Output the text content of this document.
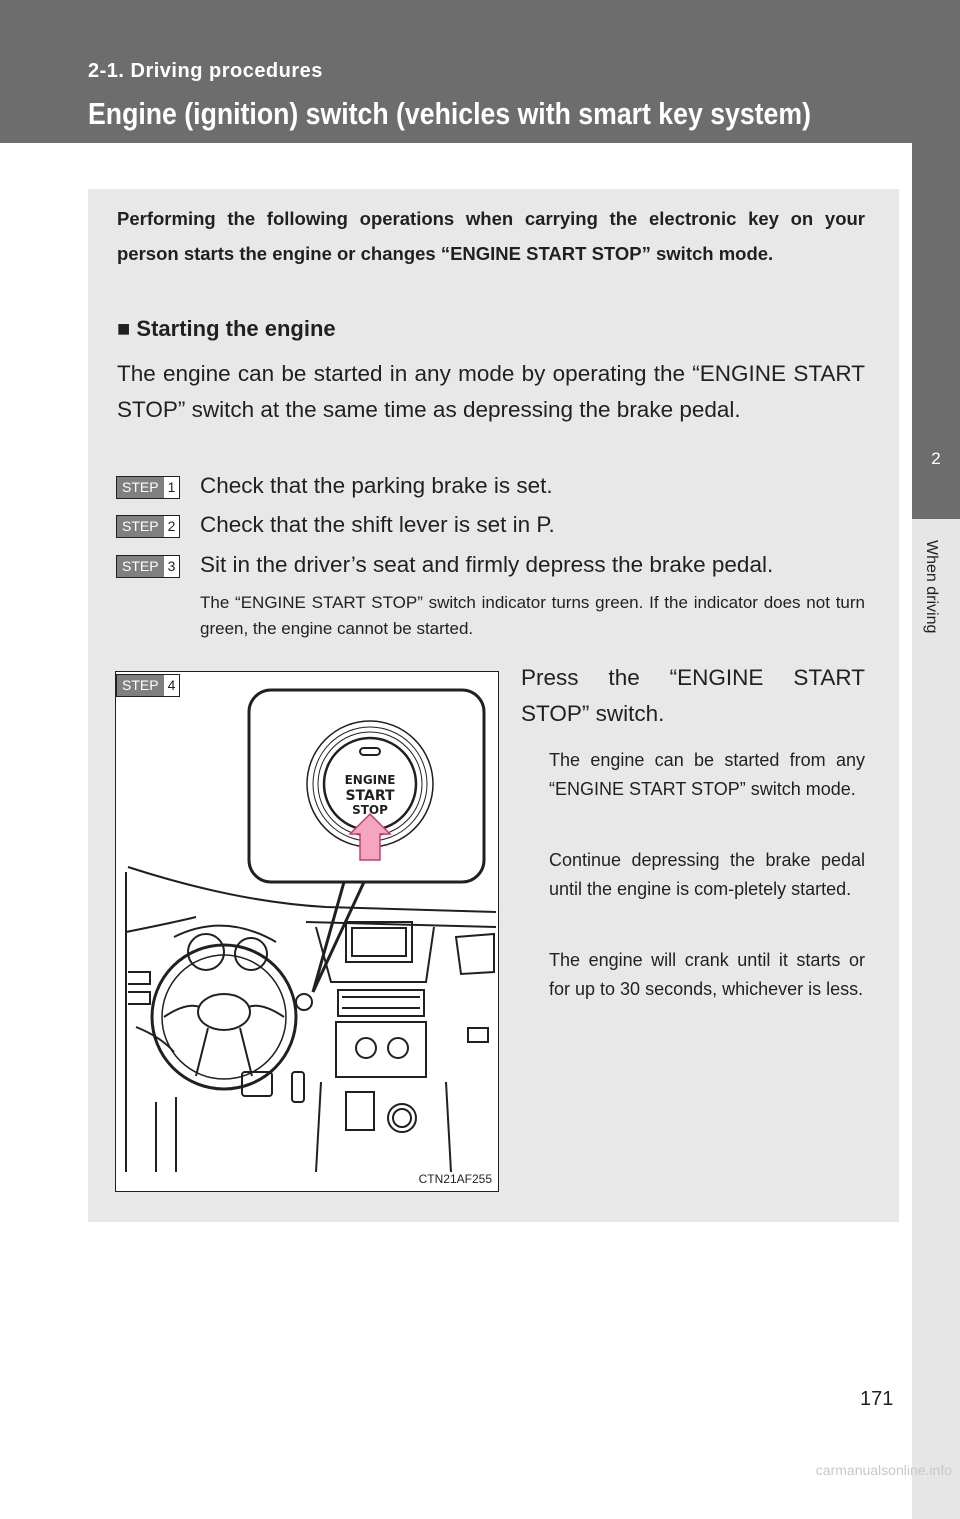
2-1. Driving procedures
Engine (ignition) switch (vehicles with smart key system)
2
When driving
Performing the following operations when carrying the electronic key on your person starts the engine or changes “ENGINE START STOP” switch mode.
■ Starting the engine
The engine can be started in any mode by operating the “ENGINE START STOP” switch at the same time as depressing the brake pedal.
STEP 1 Check that the parking brake is set.
STEP 2 Check that the shift lever is set in P.
STEP 3 Sit in the driver’s seat and firmly depress the brake pedal.
The “ENGINE START STOP” switch indicator turns green. If the indicator does not turn green, the engine cannot be started.
ENGINE
START
STOP
STEP 4
CTN21AF255
Press the “ENGINE START
STOP” switch.
The engine can be started from any “ENGINE START STOP” switch mode.
Continue depressing the brake pedal until the engine is com-pletely started.
The engine will crank until it starts or for up to 30 seconds, whichever is less.
171
carmanualsonline.info
